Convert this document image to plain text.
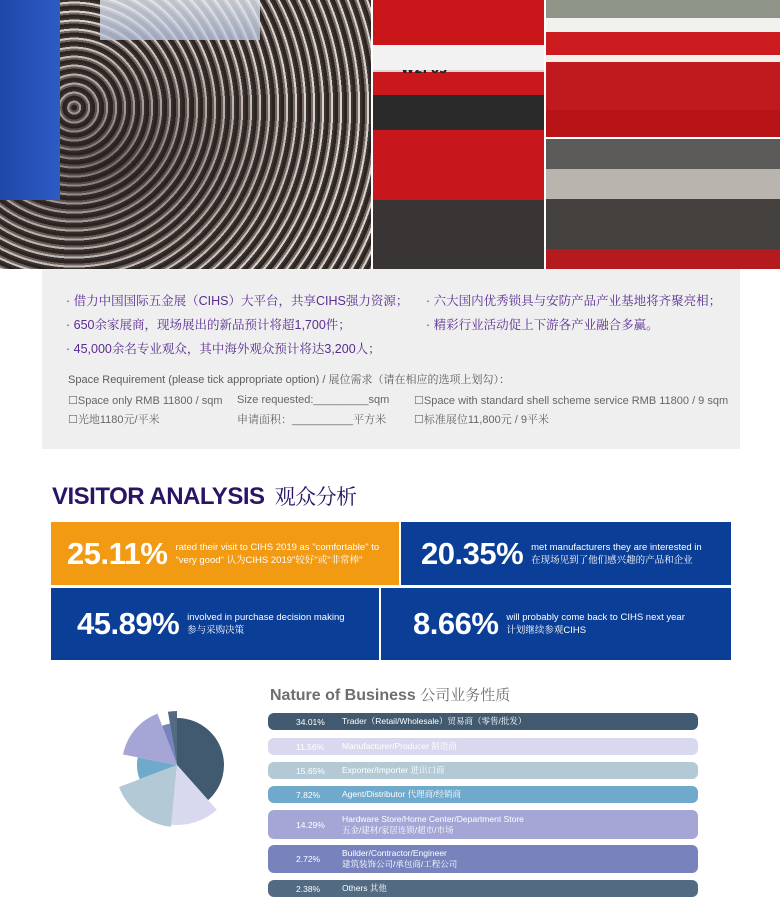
W2F05
· 借力中国国际五金展（CIHS）大平台，共享CIHS强力资源；
· 650余家展商，现场展出的新品预计将超1,700件；
· 45,000余名专业观众，其中海外观众预计将达3,200人；
· 六大国内优秀锁具与安防产品产业基地将齐聚亮相；
· 精彩行业活动促上下游各产业融合多赢。
Space Requirement (please tick appropriate option) / 展位需求（请在相应的选项上划勾）：
☐Space only RMB 11800 / sqm
☐光地1180元/平米
Size requested:_________sqm
申请面积：__________平方米
☐Space with standard shell scheme service RMB 11800 / 9 sqm
☐标准展位11,800元 / 9平米
VISITOR ANALYSIS 观众分析
25.11% rated their visit to CIHS 2019 as "comfortable" to
"very good" 认为CIHS 2019"较好"或"非常棒"	20.35% met manufacturers they are interested in
在现场见到了他们感兴趣的产品和企业
45.89% involved in purchase decision making
参与采购决策	8.66% will probably come back to CIHS next year
计划继续参观CIHS
Nature of Business 公司业务性质
34.01%	Trader（Retail/Wholesale）贸易商（零售/批发）
11.56%	Manufacturer/Producer 制造商
15.65%	Exporter/Importer 进出口商
7.82%	Agent/Distributor 代理商/经销商
14.29%
Hardware Store/Home Center/Department Store
五金/建材/家居连锁/超市/市场
2.72%
Builder/Contractor/Engineer
建筑装饰公司/承包商/工程公司
2.38%	Others 其他
